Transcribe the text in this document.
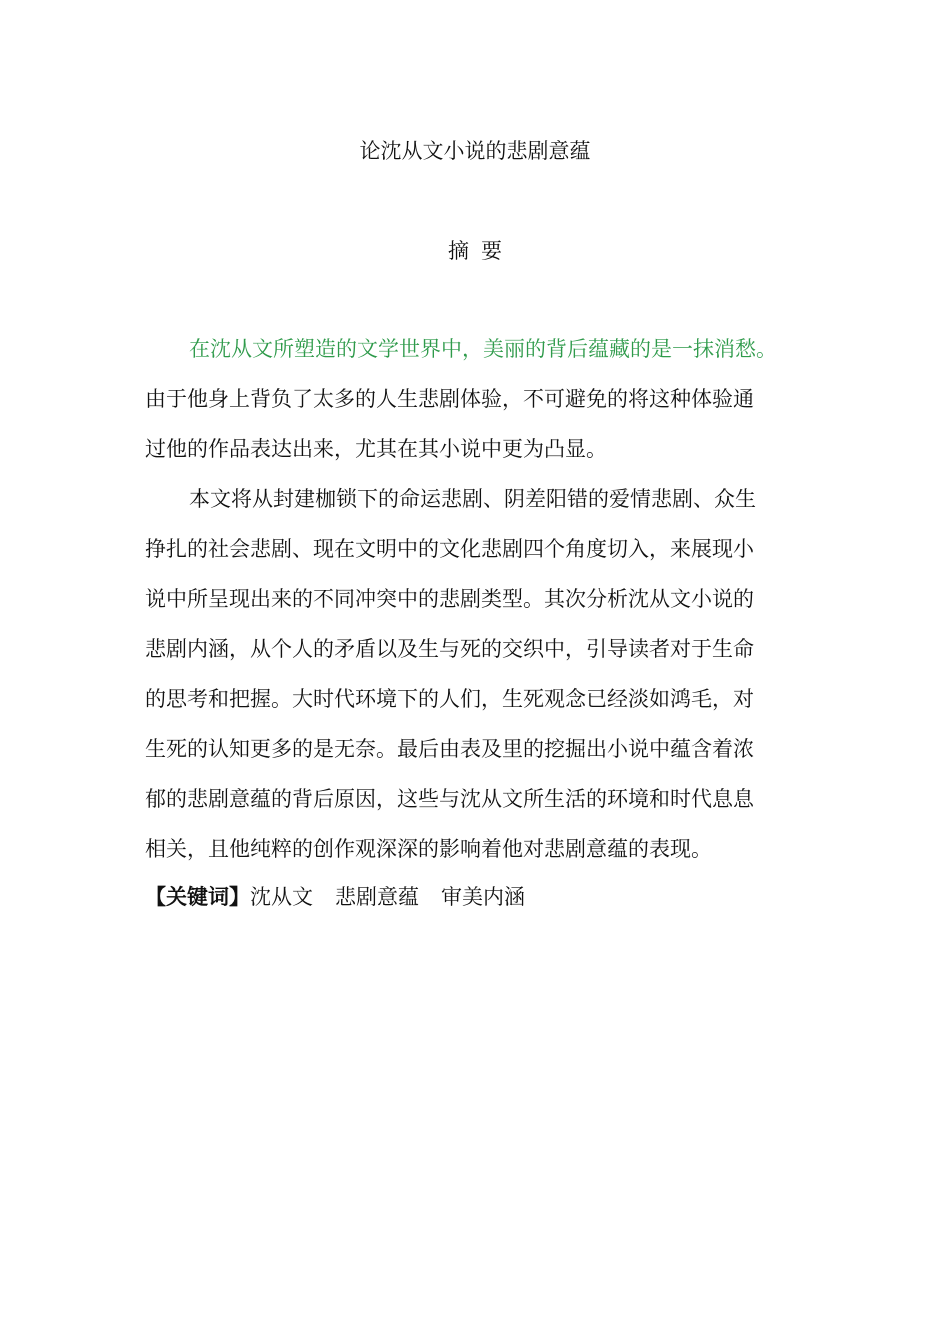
论沈从文小说的悲剧意蕴
摘要
在沈从文所塑造的文学世界中，美丽的背后蕴藏的是一抹消愁。
由于他身上背负了太多的人生悲剧体验，不可避免的将这种体验通
过他的作品表达出来，尤其在其小说中更为凸显。
本文将从封建枷锁下的命运悲剧、阴差阳错的爱情悲剧、众生
挣扎的社会悲剧、现在文明中的文化悲剧四个角度切入，来展现小
说中所呈现出来的不同冲突中的悲剧类型。其次分析沈从文小说的
悲剧内涵，从个人的矛盾以及生与死的交织中，引导读者对于生命
的思考和把握。大时代环境下的人们，生死观念已经淡如鸿毛，对
生死的认知更多的是无奈。最后由表及里的挖掘出小说中蕴含着浓
郁的悲剧意蕴的背后原因，这些与沈从文所生活的环境和时代息息
相关，且他纯粹的创作观深深的影响着他对悲剧意蕴的表现。
【关键词】沈从文 悲剧意蕴 审美内涵
